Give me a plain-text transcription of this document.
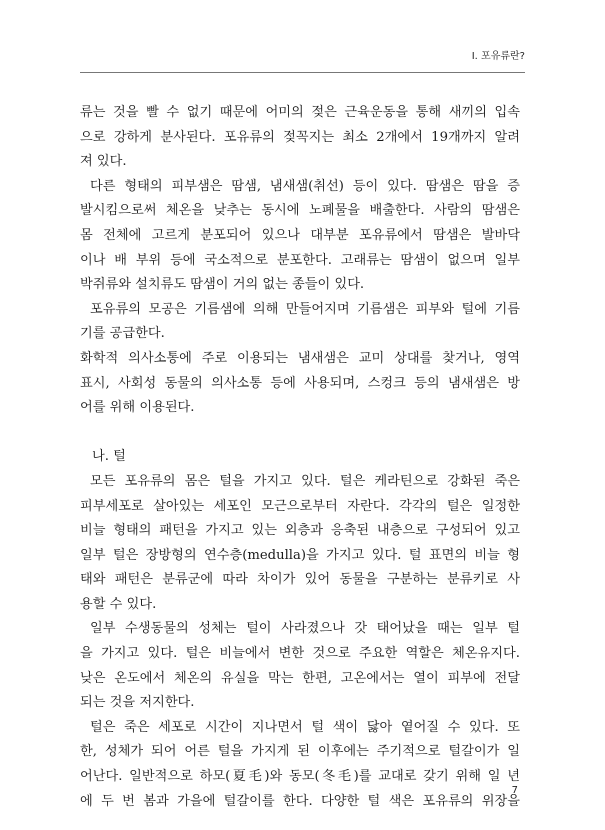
I. 포유류란?
류는 것을 빨 수 없기 때문에 어미의 젖은 근육운동을 통해 새끼의 입속
으로 강하게 분사된다. 포유류의 젖꼭지는 최소 2개에서 19개까지 알려
져 있다.
다른 형태의 피부샘은 땀샘, 냄새샘(취선) 등이 있다. 땀샘은 땀을 증
발시킴으로써 체온을 낮추는 동시에 노폐물을 배출한다. 사람의 땀샘은
몸 전체에 고르게 분포되어 있으나 대부분 포유류에서 땀샘은 발바닥
이나 배 부위 등에 국소적으로 분포한다. 고래류는 땀샘이 없으며 일부
박쥐류와 설치류도 땀샘이 거의 없는 종들이 있다.
포유류의 모공은 기름샘에 의해 만들어지며 기름샘은 피부와 털에 기름
기를 공급한다.
화학적 의사소통에 주로 이용되는 냄새샘은 교미 상대를 찾거나, 영역
표시, 사회성 동물의 의사소통 등에 사용되며, 스컹크 등의 냄새샘은 방
어를 위해 이용된다.
나. 털
모든 포유류의 몸은 털을 가지고 있다. 털은 케라틴으로 강화된 죽은
피부세포로 살아있는 세포인 모근으로부터 자란다. 각각의 털은 일정한
비늘 형태의 패턴을 가지고 있는 외층과 응축된 내층으로 구성되어 있고
일부 털은 장방형의 연수층(medulla)을 가지고 있다. 털 표면의 비늘 형
태와 패턴은 분류군에 따라 차이가 있어 동물을 구분하는 분류키로 사
용할 수 있다.
일부 수생동물의 성체는 털이 사라졌으나 갓 태어났을 때는 일부 털
을 가지고 있다. 털은 비늘에서 변한 것으로 주요한 역할은 체온유지다.
낮은 온도에서 체온의 유실을 막는 한편, 고온에서는 열이 피부에 전달
되는 것을 저지한다.
털은 죽은 세포로 시간이 지나면서 털 색이 닳아 옅어질 수 있다. 또
한, 성체가 되어 어른 털을 가지게 된 이후에는 주기적으로 털갈이가 일
어난다. 일반적으로 하모(夏毛)와 동모(冬毛)를 교대로 갖기 위해 일 년
에 두 번 봄과 가을에 털갈이를 한다. 다양한 털 색은 포유류의 위장을
7
